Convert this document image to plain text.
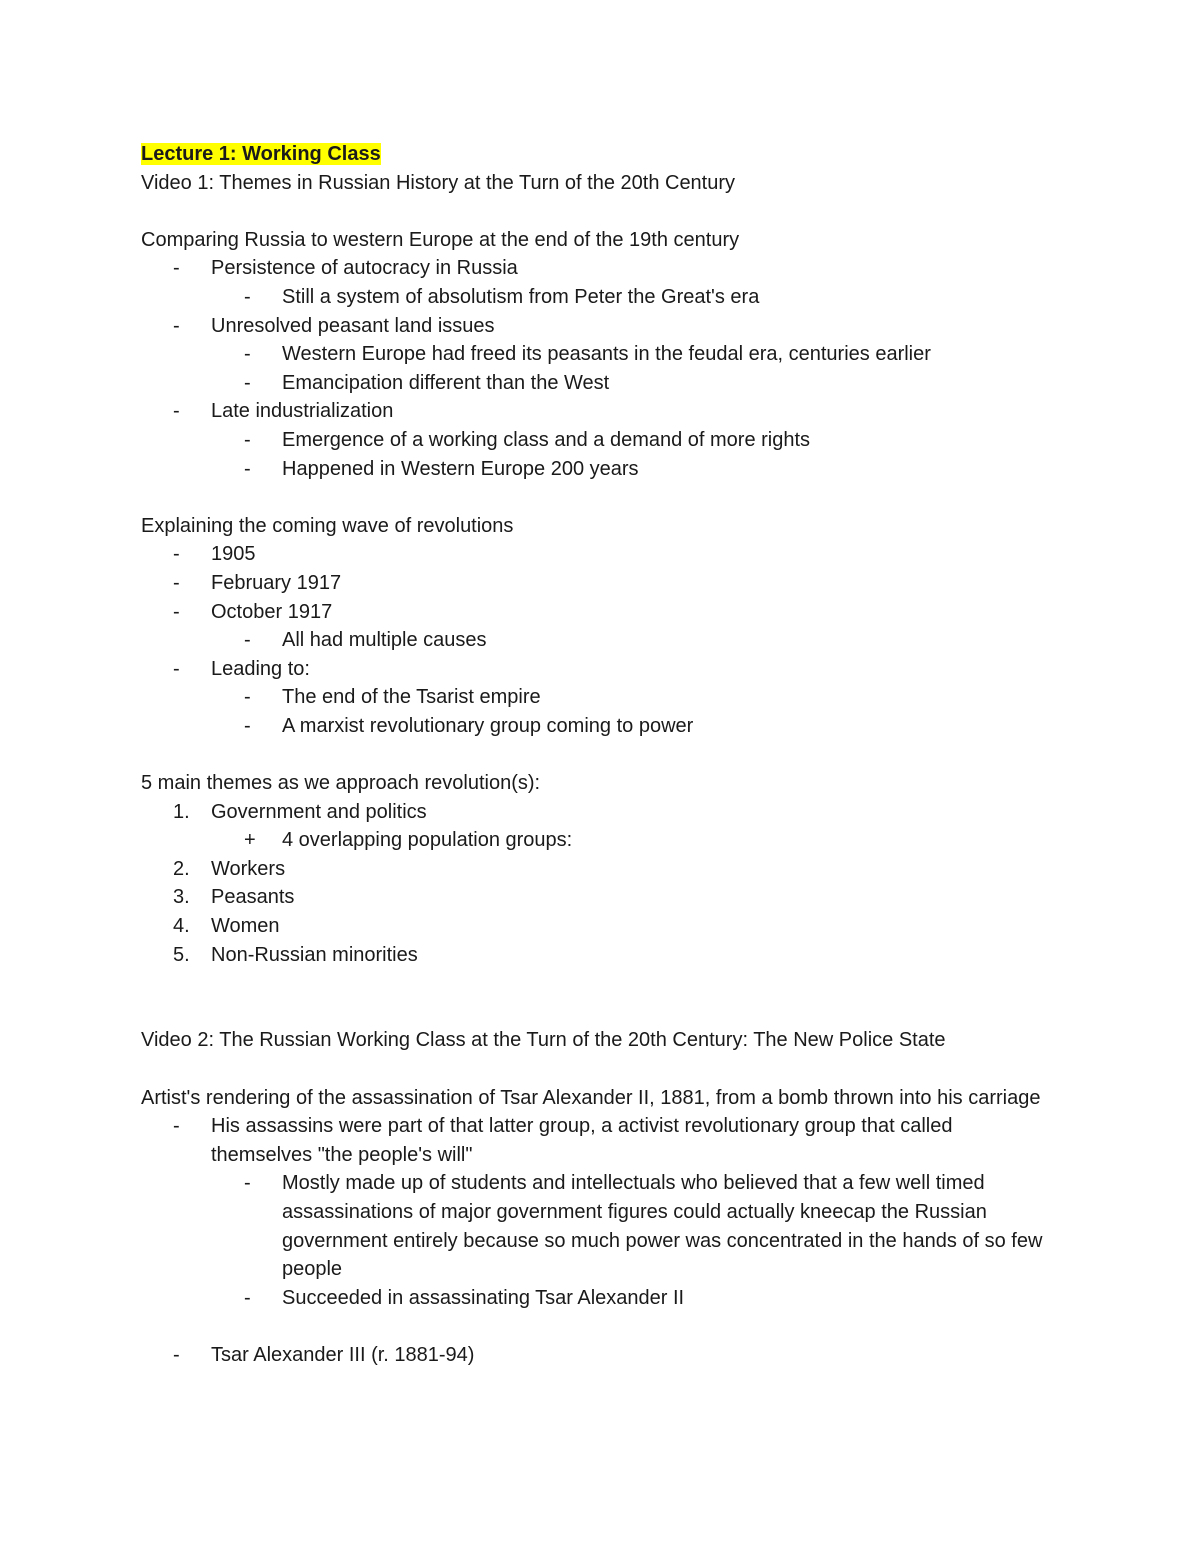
Lecture 1: Working Class

Video 1: Themes in Russian History at the Turn of the 20th Century

Comparing Russia to western Europe at the end of the 19th century

-	Persistence of autocracy in Russia
-	Still a system of absolutism from Peter the Great's era
-	Unresolved peasant land issues
-	Western Europe had freed its peasants in the feudal era, centuries earlier
-	Emancipation different than the West
-	Late industrialization
-	Emergence of a working class and a demand of more rights
-	Happened in Western Europe 200 years

Explaining the coming wave of revolutions

-	1905
-	February 1917
-	October 1917
-	All had multiple causes
-	Leading to:
-	The end of the Tsarist empire
-	A marxist revolutionary group coming to power

5 main themes as we approach revolution(s):

1.	Government and politics
+	4 overlapping population groups:
2.	Workers
3.	Peasants
4.	Women
5.	Non-Russian minorities

Video 2: The Russian Working Class at the Turn of the 20th Century: The New Police State

Artist's rendering of the assassination of Tsar Alexander II, 1881, from a bomb thrown into his carriage

-	His assassins were part of that latter group, a activist revolutionary group that called themselves "the people's will"
-	Mostly made up of students and intellectuals who believed that a few well timed assassinations of major government figures could actually kneecap the Russian government entirely because so much power was concentrated in the hands of so few people
-	Succeeded in assassinating Tsar Alexander II
-	Tsar Alexander III (r. 1881-94)
